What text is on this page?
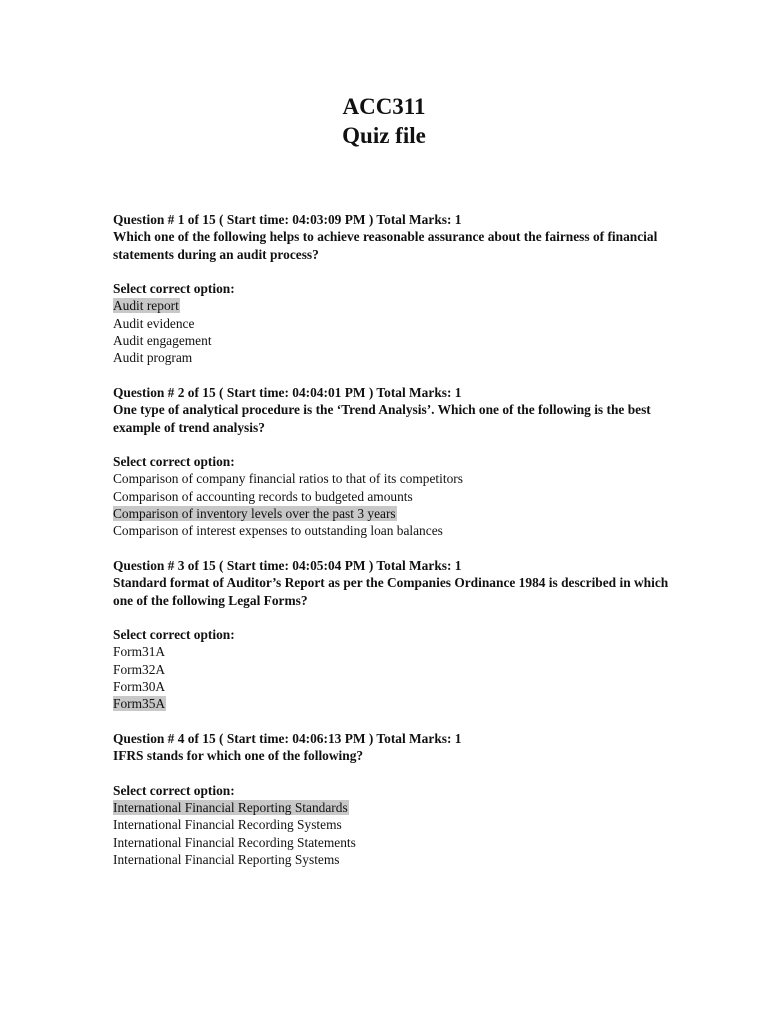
ACC311

Quiz file

Question # 1 of 15 ( Start time: 04:03:09 PM ) Total Marks: 1

Which one of the following helps to achieve reasonable assurance about the fairness of financial statements during an audit process?

Select correct option:

Audit report
Audit evidence
Audit engagement
Audit program

Question # 2 of 15 ( Start time: 04:04:01 PM ) Total Marks: 1

One type of analytical procedure is the ‘Trend Analysis’. Which one of the following is the best example of trend analysis?

Select correct option:

Comparison of company financial ratios to that of its competitors
Comparison of accounting records to budgeted amounts
Comparison of inventory levels over the past 3 years
Comparison of interest expenses to outstanding loan balances

Question # 3 of 15 ( Start time: 04:05:04 PM ) Total Marks: 1

Standard format of Auditor’s Report as per the Companies Ordinance 1984 is described in which one of the following Legal Forms?

Select correct option:

Form31A
Form32A
Form30A
Form35A

Question # 4 of 15 ( Start time: 04:06:13 PM ) Total Marks: 1

IFRS stands for which one of the following?

Select correct option:

International Financial Reporting Standards
International Financial Recording Systems
International Financial Recording Statements
International Financial Reporting Systems
